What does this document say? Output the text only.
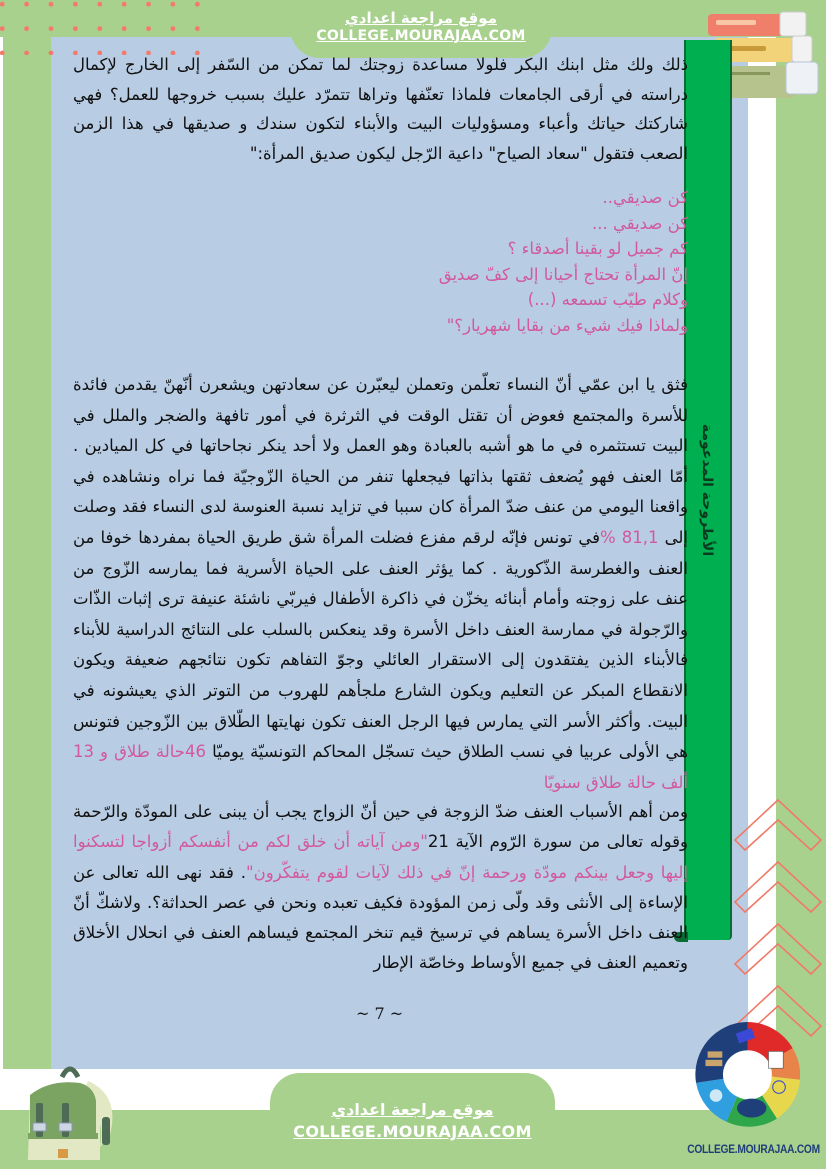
موقع مراجعة اعدادي
COLLEGE.MOURAJAA.COM
الأطروحة المدعومة

ذلك ولك مثل ابنك البكر فلولا مساعدة زوجتك لما تمكن من السّفر إلى الخارج لإكمال دراسته في أرقى الجامعات فلماذا تعنّفها وتراها تتمرّد عليك بسبب خروجها للعمل؟ فهي شاركتك حياتك وأعباء ومسؤوليات البيت والأبناء لتكون سندك و صديقها في هذا الزمن الصعب فتقول "سعاد الصياح" داعية الرّجل ليكون صديق المرأة:"

كن صديقي..
كن صديقي ...
كم جميل لو بقينا أصدقاء ؟
إنّ المرأة تحتاج أحيانا إلى كفّ صديق
وكلام طيّب تسمعه (...)
ولماذا فيك شيء من بقايا شهريار؟"

فثق يا ابن عمّي أنّ النساء تعلّمن وتعملن ليعبّرن عن سعادتهن ويشعرن أنّهنّ يقدمن فائدة للأسرة والمجتمع فعوض أن تقتل الوقت في الثرثرة في أمور تافهة والضجر والملل في البيت تستثمره في ما هو أشبه بالعبادة وهو العمل ولا أحد ينكر نجاحاتها في كل الميادين . أمّا العنف فهو يُضعف ثقتها بذاتها فيجعلها تنفر من الحياة الزّوجيّة فما نراه ونشاهده في واقعنا اليومي من عنف ضدّ المرأة كان سببا في تزايد نسبة العنوسة لدى النساء فقد وصلت إلى 81,1 %في تونس فإنّه لرقم مفزع فضلت المرأة شق طريق الحياة بمفردها خوفا من العنف والغطرسة الذّكورية . كما يؤثر العنف على الحياة الأسرية فما يمارسه الزّوج من عنف على زوجته وأمام أبنائه يخزّن في ذاكرة الأطفال فيربّي ناشئة عنيفة ترى إثبات الذّات والرّجولة في ممارسة العنف داخل الأسرة وقد ينعكس بالسلب على النتائج الدراسية للأبناء فالأبناء الذين يفتقدون إلى الاستقرار العائلي وجوّ التفاهم تكون نتائجهم ضعيفة ويكون الانقطاع المبكر عن التعليم ويكون الشارع ملجأهم للهروب من التوتر الذي يعيشونه في البيت. وأكثر الأسر التي يمارس فيها الرجل العنف تكون نهايتها الطّلاق بين الزّوجين فتونس هي الأولى عربيا في نسب الطلاق حيث تسجّل المحاكم التونسيّة يوميّا 46حالة طلاق و 13 ألف حالة طلاق سنويّا

ومن أهم الأسباب العنف ضدّ الزوجة في حين أنّ الزواج يجب أن يبنى على المودّة والرّحمة وقوله تعالى من سورة الرّوم الآية 21"ومن آياته أن خلق لكم من أنفسكم أزواجا لتسكنوا إليها وجعل بينكم مودّة ورحمة إنّ في ذلك لآيات لقوم يتفكّرون". فقد نهى الله تعالى عن الإساءة إلى الأنثى وقد ولّى زمن المؤودة فكيف تعبده ونحن في عصر الحداثة؟. ولاشكّ أنّ العنف داخل الأسرة يساهم في ترسيخ قيم تنخر المجتمع فيساهم العنف في انحلال الأخلاق وتعميم العنف في جميع الأوساط وخاصّة الإطار

~ 7 ~
موقع مراجعة اعدادي
COLLEGE.MOURAJAA.COM
COLLEGE.MOURAJAA.COM
